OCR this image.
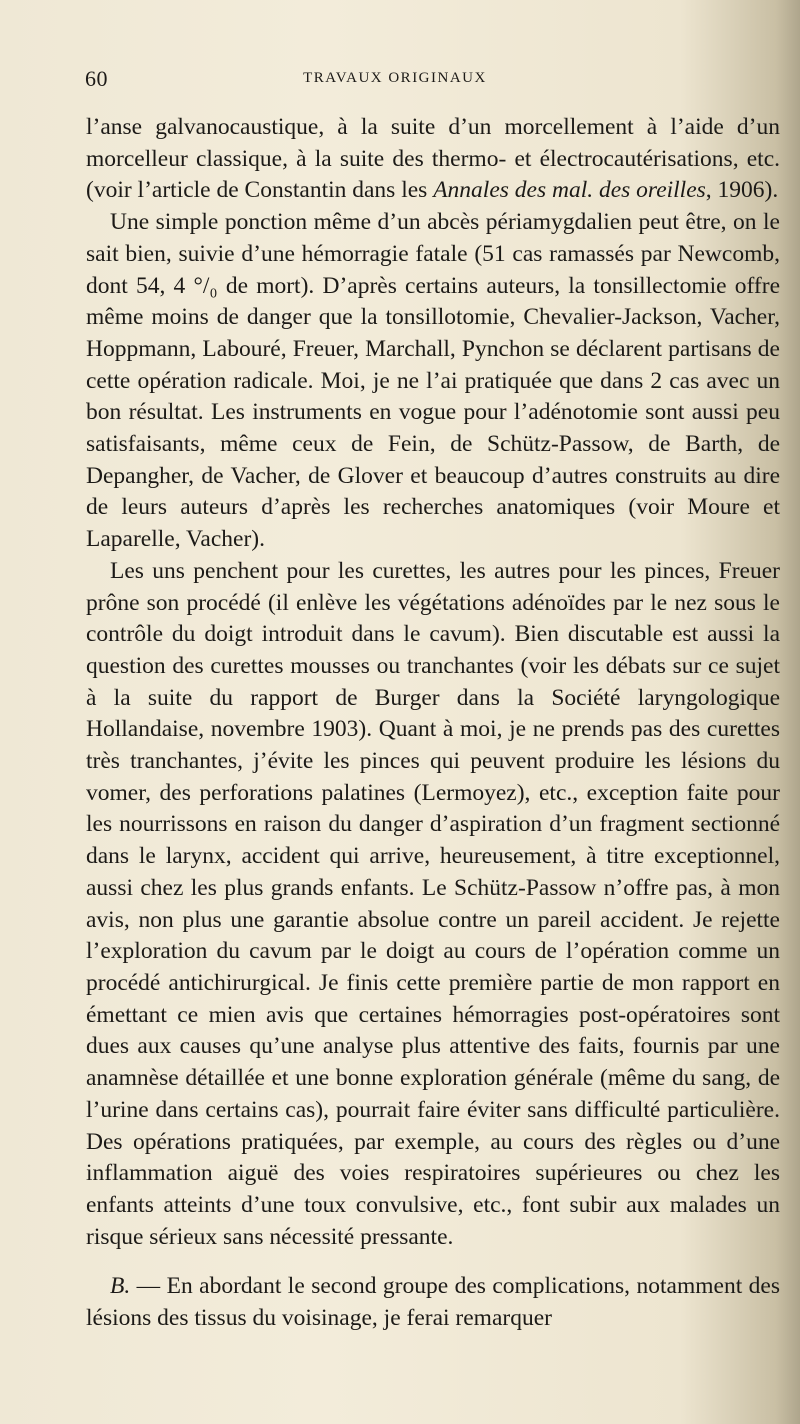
60	TRAVAUX ORIGINAUX

l’anse galvanocaustique, à la suite d’un morcellement à l’aide d’un morcelleur classique, à la suite des thermo- et électrocautérisations, etc. (voir l’article de Constantin dans les Annales des mal. des oreilles, 1906).

Une simple ponction même d’un abcès périamygdalien peut être, on le sait bien, suivie d’une hémorragie fatale (51 cas ramassés par Newcomb, dont 54, 4 °/₀ de mort). D’après certains auteurs, la tonsillectomie offre même moins de danger que la tonsillotomie, Chevalier-Jackson, Vacher, Hoppmann, Labouré, Freuer, Marchall, Pynchon se déclarent partisans de cette opération radicale. Moi, je ne l’ai pratiquée que dans 2 cas avec un bon résultat. Les instruments en vogue pour l’adénotomie sont aussi peu satisfaisants, même ceux de Fein, de Schütz-Passow, de Barth, de Depangher, de Vacher, de Glover et beaucoup d’autres construits au dire de leurs auteurs d’après les recherches anatomiques (voir Moure et Laparelle, Vacher).

Les uns penchent pour les curettes, les autres pour les pinces, Freuer prône son procédé (il enlève les végétations adénoïdes par le nez sous le contrôle du doigt introduit dans le cavum). Bien discutable est aussi la question des curettes mousses ou tranchantes (voir les débats sur ce sujet à la suite du rapport de Burger dans la Société laryngologique Hollandaise, novembre 1903). Quant à moi, je ne prends pas des curettes très tranchantes, j’évite les pinces qui peuvent produire les lésions du vomer, des perforations palatines (Lermoyez), etc., exception faite pour les nourrissons en raison du danger d’aspiration d’un fragment sectionné dans le larynx, accident qui arrive, heureusement, à titre exceptionnel, aussi chez les plus grands enfants. Le Schütz-Passow n’offre pas, à mon avis, non plus une garantie absolue contre un pareil accident. Je rejette l’exploration du cavum par le doigt au cours de l’opération comme un procédé antichirurgical. Je finis cette première partie de mon rapport en émettant ce mien avis que certaines hémorragies post-opératoires sont dues aux causes qu’une analyse plus attentive des faits, fournis par une anamnèse détaillée et une bonne exploration générale (même du sang, de l’urine dans certains cas), pourrait faire éviter sans difficulté particulière. Des opérations pratiquées, par exemple, au cours des règles ou d’une inflammation aiguë des voies respiratoires supérieures ou chez les enfants atteints d’une toux convulsive, etc., font subir aux malades un risque sérieux sans nécessité pressante.

B. — En abordant le second groupe des complications, notamment des lésions des tissus du voisinage, je ferai remarquer
